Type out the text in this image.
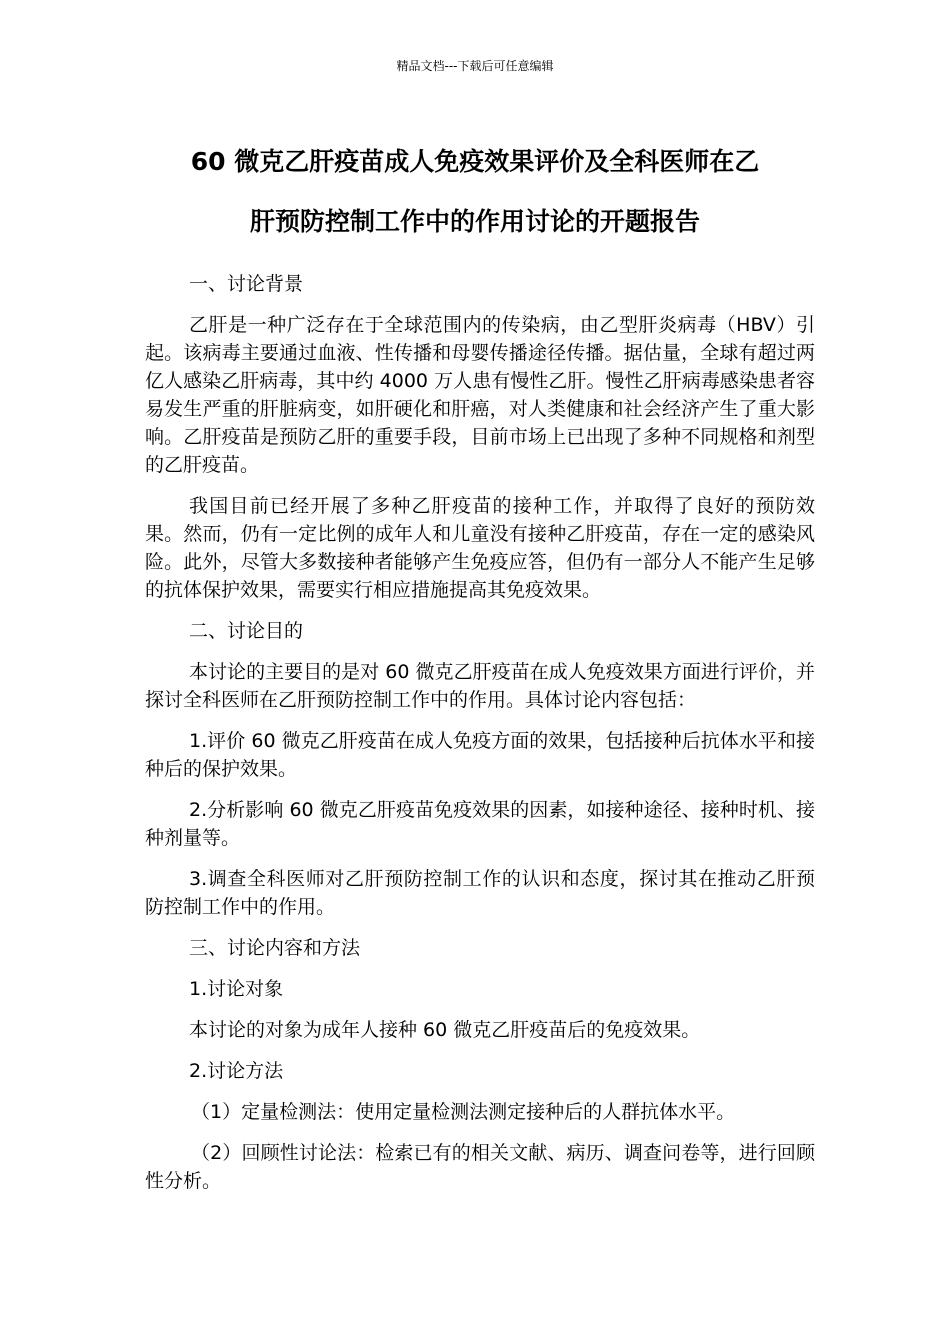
精品文档---下载后可任意编辑
60 微克乙肝疫苗成人免疫效果评价及全科医师在乙
肝预防控制工作中的作用讨论的开题报告

一、讨论背景

乙肝是一种广泛存在于全球范围内的传染病，由乙型肝炎病毒（HBV）引起。该病毒主要通过血液、性传播和母婴传播途径传播。据估量，全球有超过两亿人感染乙肝病毒，其中约 4000 万人患有慢性乙肝。慢性乙肝病毒感染患者容易发生严重的肝脏病变，如肝硬化和肝癌，对人类健康和社会经济产生了重大影响。乙肝疫苗是预防乙肝的重要手段，目前市场上已出现了多种不同规格和剂型的乙肝疫苗。

我国目前已经开展了多种乙肝疫苗的接种工作，并取得了良好的预防效果。然而，仍有一定比例的成年人和儿童没有接种乙肝疫苗，存在一定的感染风险。此外，尽管大多数接种者能够产生免疫应答，但仍有一部分人不能产生足够的抗体保护效果，需要实行相应措施提高其免疫效果。

二、讨论目的

本讨论的主要目的是对 60 微克乙肝疫苗在成人免疫效果方面进行评价，并探讨全科医师在乙肝预防控制工作中的作用。具体讨论内容包括：

1.评价 60 微克乙肝疫苗在成人免疫方面的效果，包括接种后抗体水平和接种后的保护效果。

2.分析影响 60 微克乙肝疫苗免疫效果的因素，如接种途径、接种时机、接种剂量等。

3.调查全科医师对乙肝预防控制工作的认识和态度，探讨其在推动乙肝预防控制工作中的作用。

三、讨论内容和方法

1.讨论对象

本讨论的对象为成年人接种 60 微克乙肝疫苗后的免疫效果。

2.讨论方法

（1）定量检测法：使用定量检测法测定接种后的人群抗体水平。

（2）回顾性讨论法：检索已有的相关文献、病历、调查问卷等，进行回顾性分析。
